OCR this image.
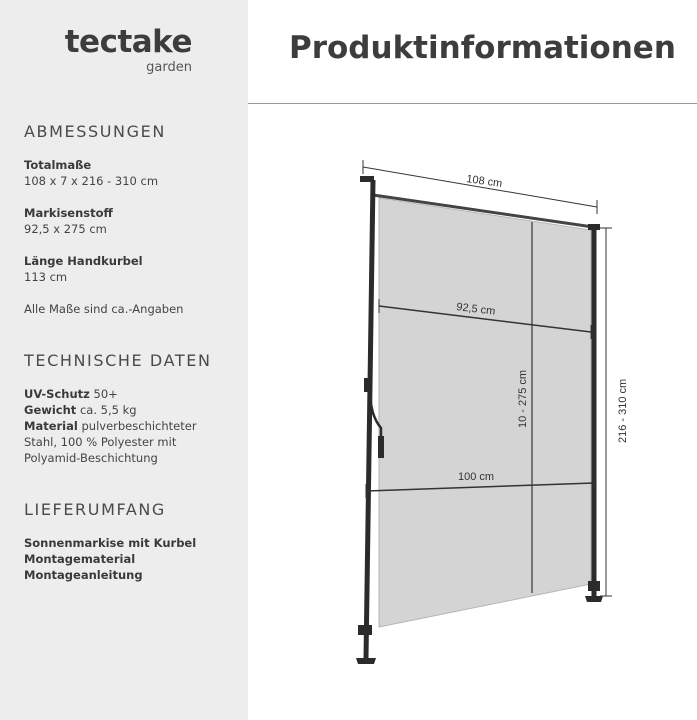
tectake
garden
ABMESSUNGEN
Totalmaße
108 x 7 x 216 - 310 cm
Markisenstoff
92,5 x 275 cm
Länge Handkurbel
113 cm
Alle Maße sind ca.-Angaben
TECHNISCHE DATEN
UV-Schutz 50+
Gewicht ca. 5,5 kg
Material pulverbeschichteter
Stahl, 100 % Polyester mit
Polyamid-Beschichtung
LIEFERUMFANG
Sonnenmarkise mit Kurbel
Montagematerial
Montageanleitung
Produktinformationen
108 cm
92,5 cm
100 cm
10 - 275 cm	216 - 310 cm
